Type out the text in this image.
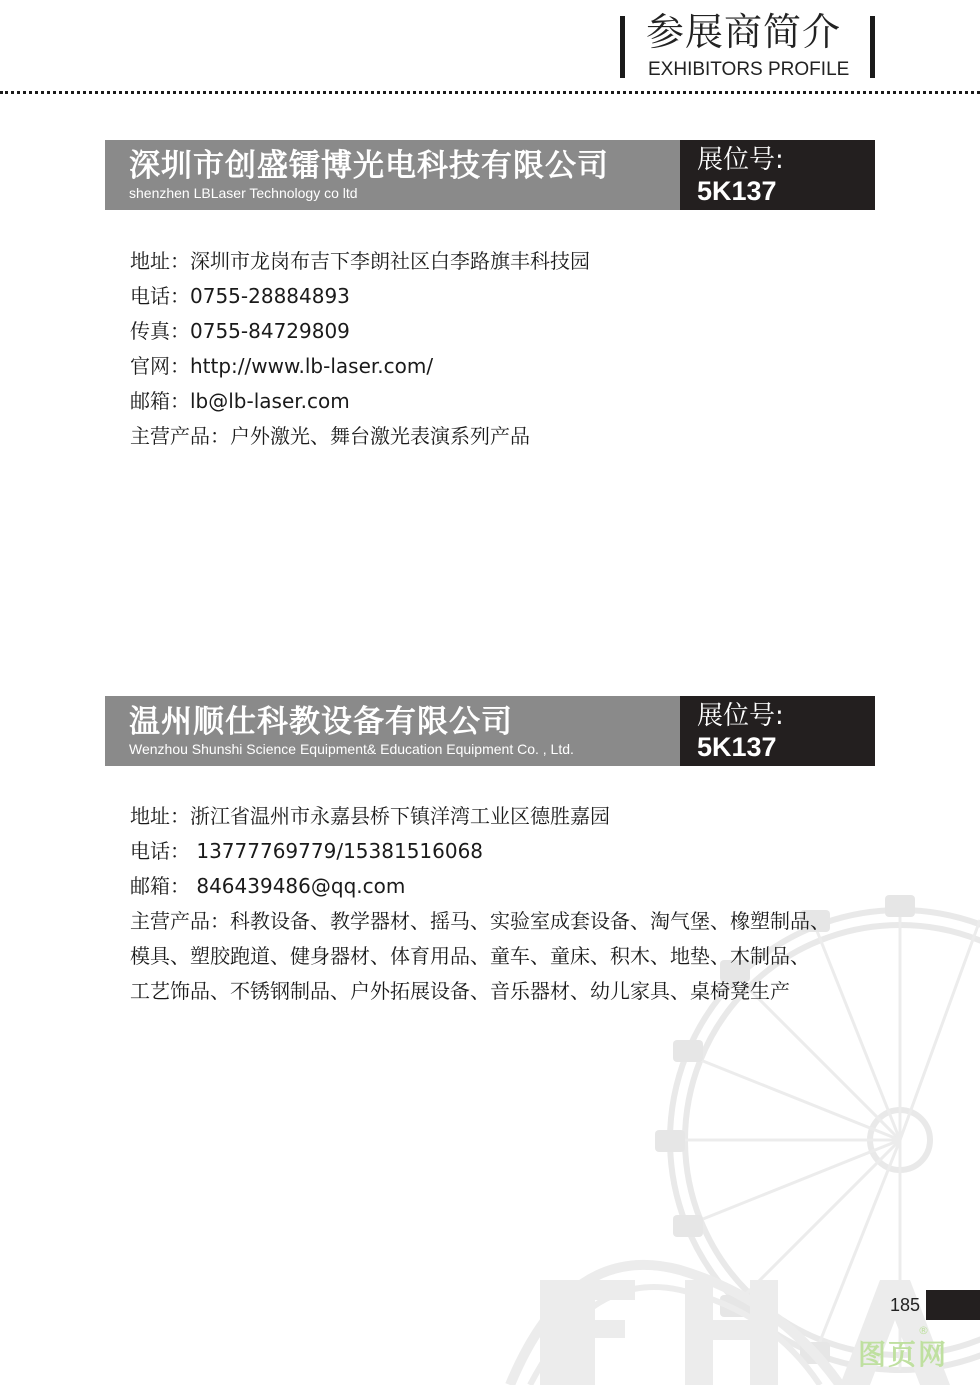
参展商简介
EXHIBITORS PROFILE
深圳市创盛镭博光电科技有限公司
shenzhen LBLaser Technology co ltd
展位号:
5K137
地址：深圳市龙岗布吉下李朗社区白李路旗丰科技园
电话：0755-28884893
传真：0755-84729809
官网：http://www.lb-laser.com/
邮箱：lb@lb-laser.com
主营产品：户外激光、舞台激光表演系列产品
温州顺仕科教设备有限公司
Wenzhou Shunshi Science Equipment& Education Equipment Co. , Ltd.
展位号:
5K137
地址：浙江省温州市永嘉县桥下镇洋湾工业区德胜嘉园
电话： 13777769779/15381516068
邮箱： 846439486@qq.com
主营产品：科教设备、教学器材、摇马、实验室成套设备、淘气堡、橡塑制品、
模具、塑胶跑道、健身器材、体育用品、童车、童床、积木、地垫、木制品、
工艺饰品、不锈钢制品、户外拓展设备、音乐器材、幼儿家具、桌椅凳生产
185
图页网
®
